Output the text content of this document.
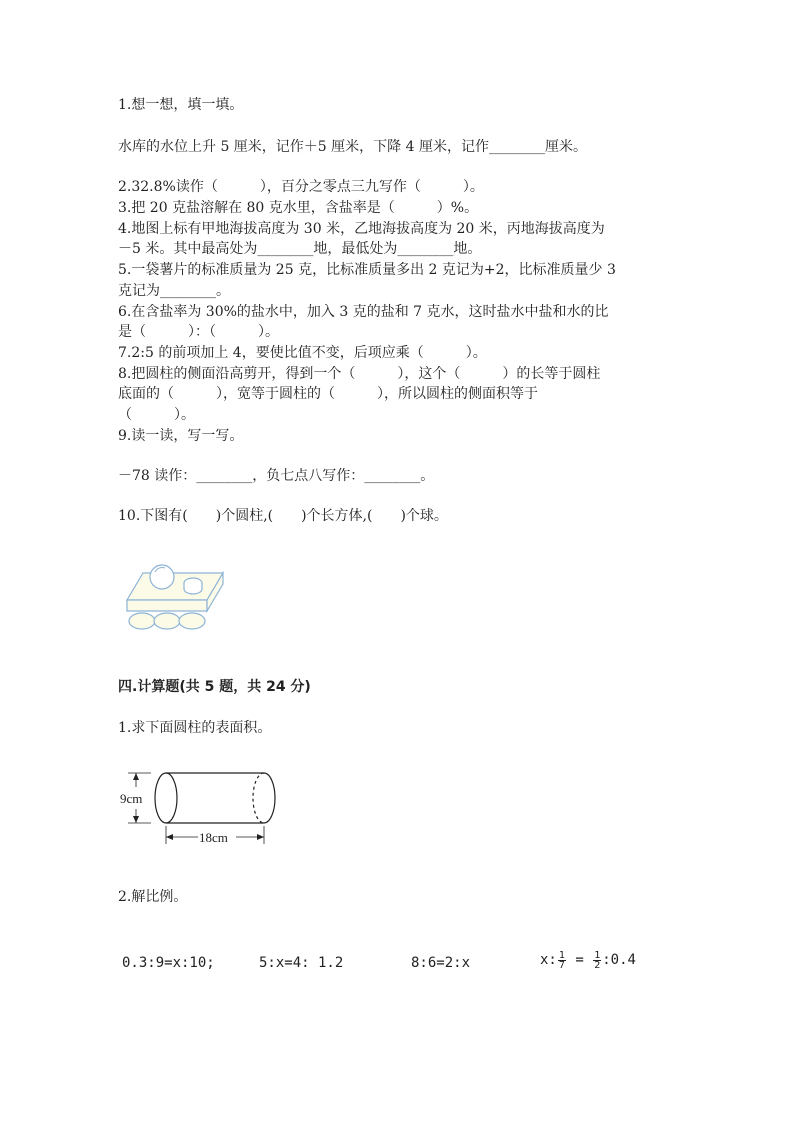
1.想一想，填一填。
水库的水位上升 5 厘米，记作＋5 厘米，下降 4 厘米，记作________厘米。
2.32.8%读作（　　　），百分之零点三九写作（　　　）。
3.把 20 克盐溶解在 80 克水里，含盐率是（　　　）%。
4.地图上标有甲地海拔高度为 30 米，乙地海拔高度为 20 米，丙地海拔高度为
－5 米。其中最高处为________地，最低处为________地。
5.一袋薯片的标准质量为 25 克，比标准质量多出 2 克记为+2，比标准质量少 3
克记为________。
6.在含盐率为 30%的盐水中，加入 3 克的盐和 7 克水，这时盐水中盐和水的比
是（　　　）：（　　　）。
7.2:5 的前项加上 4，要使比值不变，后项应乘（　　　）。
8.把圆柱的侧面沿高剪开，得到一个（　　　），这个（　　　）的长等于圆柱
底面的（　　　），宽等于圆柱的（　　　），所以圆柱的侧面积等于
（　　　）。
9.读一读，写一写。
－78 读作：________，负七点八写作：________。
10.下图有(　　)个圆柱,(　　)个长方体,(　　)个球。
四.计算题(共 5 题，共 24 分)
1.求下面圆柱的表面积。
9cm
18cm
2.解比例。
0.3:9=x:10;	5:x=4: 1.2	8:6=2:x	x: $\frac{1}{7} = \frac{1}{2}$ :0.4
